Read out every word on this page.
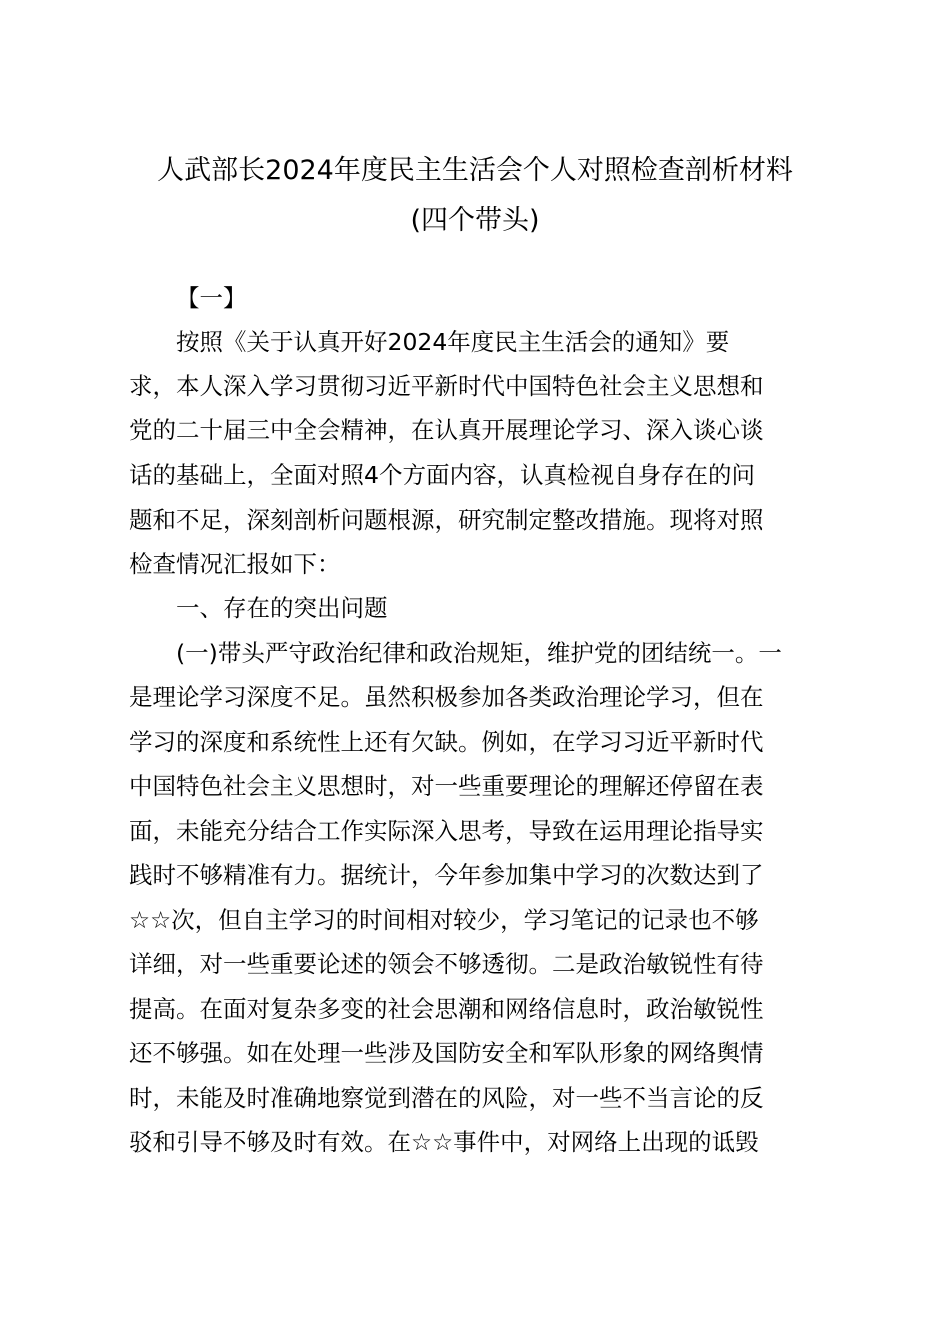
人武部长2024年度民主生活会个人对照检查剖析材料
(四个带头)

【一】

按照《关于认真开好2024年度民主生活会的通知》要

求，本人深入学习贯彻习近平新时代中国特色社会主义思想和

党的二十届三中全会精神，在认真开展理论学习、深入谈心谈

话的基础上，全面对照4个方面内容，认真检视自身存在的问

题和不足，深刻剖析问题根源，研究制定整改措施。现将对照

检查情况汇报如下：

一、存在的突出问题

(一)带头严守政治纪律和政治规矩，维护党的团结统一。一

是理论学习深度不足。虽然积极参加各类政治理论学习，但在

学习的深度和系统性上还有欠缺。例如，在学习习近平新时代

中国特色社会主义思想时，对一些重要理论的理解还停留在表

面，未能充分结合工作实际深入思考，导致在运用理论指导实

践时不够精准有力。据统计，今年参加集中学习的次数达到了

☆☆次，但自主学习的时间相对较少，学习笔记的记录也不够

详细，对一些重要论述的领会不够透彻。二是政治敏锐性有待

提高。在面对复杂多变的社会思潮和网络信息时，政治敏锐性

还不够强。如在处理一些涉及国防安全和军队形象的网络舆情

时，未能及时准确地察觉到潜在的风险，对一些不当言论的反

驳和引导不够及时有效。在☆☆事件中，对网络上出现的诋毁
